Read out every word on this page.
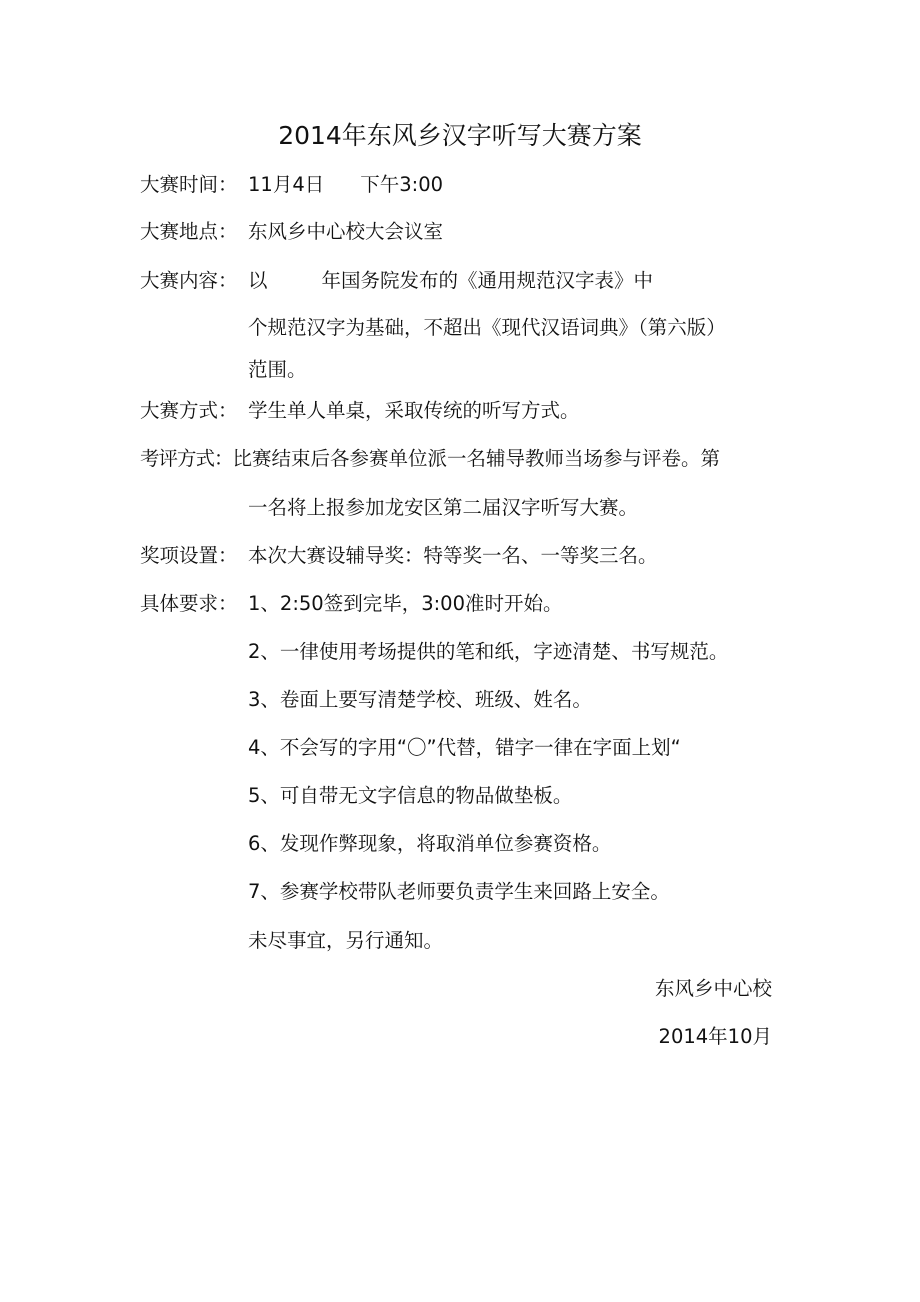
2014年东风乡汉字听写大赛方案
大赛时间： 11月4日 下午3:00
大赛地点： 东风乡中心校大会议室
大赛内容： 以	年国务院发布的《通用规范汉字表》中
个规范汉字为基础，不超出《现代汉语词典》（第六版）
范围。
大赛方式： 学生单人单桌，采取传统的听写方式。
考评方式：比赛结束后各参赛单位派一名辅导教师当场参与评卷。第
一名将上报参加龙安区第二届汉字听写大赛。
奖项设置： 本次大赛设辅导奖：特等奖一名、一等奖三名。
具体要求： 1、2:50签到完毕，3:00准时开始。
2、一律使用考场提供的笔和纸，字迹清楚、书写规范。
3、卷面上要写清楚学校、班级、姓名。
4、不会写的字用“〇”代替，错字一律在字面上划“
5、可自带无文字信息的物品做垫板。
6、发现作弊现象，将取消单位参赛资格。
7、参赛学校带队老师要负责学生来回路上安全。
未尽事宜，另行通知。
东风乡中心校
2014年10月
